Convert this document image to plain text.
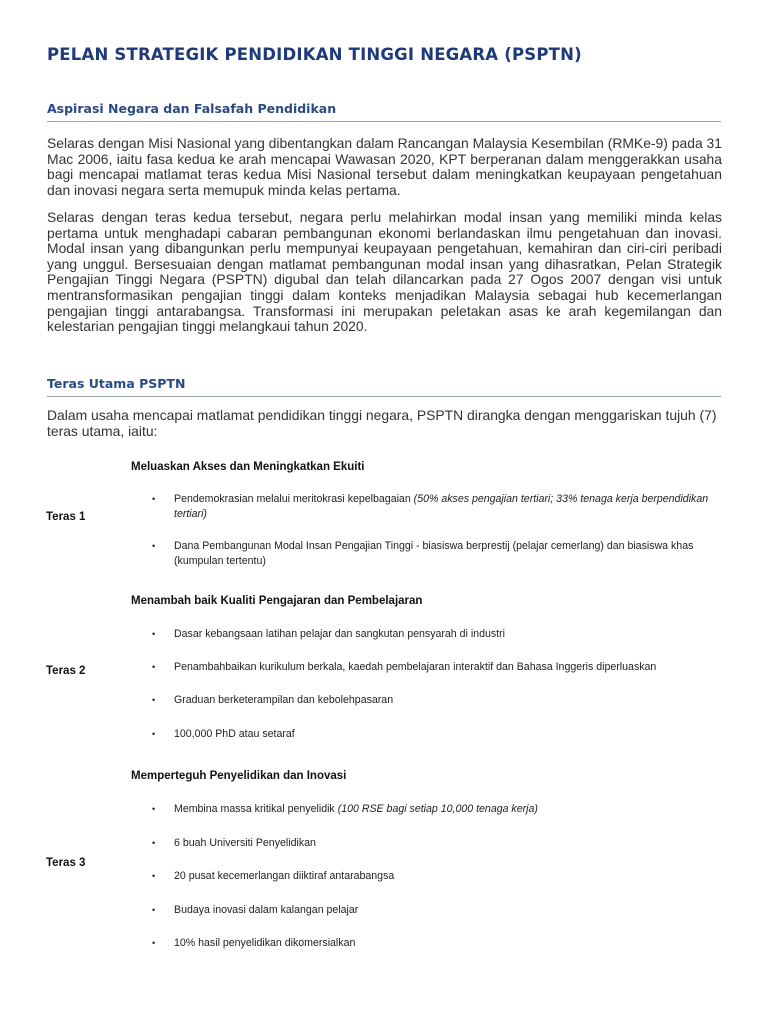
PELAN STRATEGIK PENDIDIKAN TINGGI NEGARA (PSPTN)
Aspirasi Negara dan Falsafah Pendidikan

Selaras dengan Misi Nasional yang dibentangkan dalam Rancangan Malaysia Kesembilan (RMKe-9) pada 31 Mac 2006, iaitu fasa kedua ke arah mencapai Wawasan 2020, KPT berperanan dalam menggerakkan usaha bagi mencapai matlamat teras kedua Misi Nasional tersebut dalam meningkatkan keupayaan pengetahuan dan inovasi negara serta memupuk minda kelas pertama.

Selaras dengan teras kedua tersebut, negara perlu melahirkan modal insan yang memiliki minda kelas pertama untuk menghadapi cabaran pembangunan ekonomi berlandaskan ilmu pengetahuan dan inovasi. Modal insan yang dibangunkan perlu mempunyai keupayaan pengetahuan, kemahiran dan ciri-ciri peribadi yang unggul. Bersesuaian dengan matlamat pembangunan modal insan yang dihasratkan, Pelan Strategik Pengajian Tinggi Negara (PSPTN) digubal dan telah dilancarkan pada 27 Ogos 2007 dengan visi untuk mentransformasikan pengajian tinggi dalam konteks menjadikan Malaysia sebagai hub kecemerlangan pengajian tinggi antarabangsa. Transformasi ini merupakan peletakan asas ke arah kegemilangan dan kelestarian pengajian tinggi melangkaui tahun 2020.

Teras Utama PSPTN

Dalam usaha mencapai matlamat pendidikan tinggi negara, PSPTN dirangka dengan menggariskan tujuh (7) teras utama, iaitu:

Meluaskan Akses dan Meningkatkan Ekuiti

Teras 1

• Pendemokrasian melalui meritokrasi kepelbagaian (50% akses pengajian tertiari; 33% tenaga kerja berpendidikan tertiari)
• Dana Pembangunan Modal Insan Pengajian Tinggi - biasiswa berprestij (pelajar cemerlang) dan biasiswa khas (kumpulan tertentu)

Menambah baik Kualiti Pengajaran dan Pembelajaran

Teras 2

• Dasar kebangsaan latihan pelajar dan sangkutan pensyarah di industri
• Penambahbaikan kurikulum berkala, kaedah pembelajaran interaktif dan Bahasa Inggeris diperluaskan
• Graduan berketerampilan dan kebolehpasaran
• 100,000 PhD atau setaraf

Memperteguh Penyelidikan dan Inovasi

Teras 3

• Membina massa kritikal penyelidik (100 RSE bagi setiap 10,000 tenaga kerja)
• 6 buah Universiti Penyelidikan
• 20 pusat kecemerlangan diiktiraf antarabangsa
• Budaya inovasi dalam kalangan pelajar
• 10% hasil penyelidikan dikomersialkan
